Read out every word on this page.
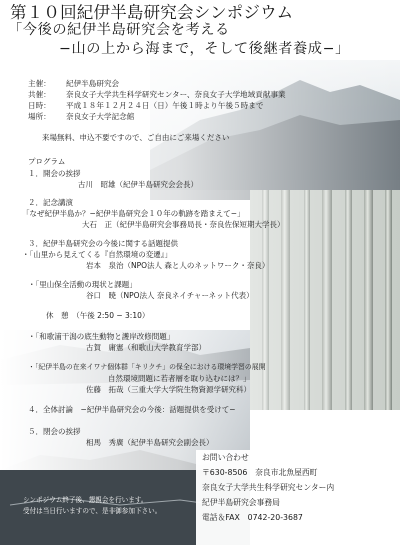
第１０回紀伊半島研究会シンポジウム
「今後の紀伊半島研究会を考える
−山の上から海まで，そして後継者養成−」
主催： 紀伊半島研究会
共催： 奈良女子大学共生科学研究センター、奈良女子大学地域貢献事業
日時： 平成１８年１２月２４日（日）午後１時より午後５時まで
場所： 奈良女子大学記念館
来場無料、申込不要ですので、ご自由にご来場ください
プログラム
１．開会の挨拶
古川　昭雄（紀伊半島研究会会長）
２．記念講演
「なぜ紀伊半島か？−紀伊半島研究会１０年の軌跡を踏まえて−」
大石　正（紀伊半島研究会事務局長・奈良佐保短期大学長）
３．紀伊半島研究会の今後に関する話題提供
・「山里から見えてくる『自然環境の変遷』」
岩本　泉治（NPO法人 森と人のネットワーク・奈良）
・「里山保全活動の現状と課題」
谷口　暁（NPO法人 奈良ネイチャーネット代表）
休　憩　（午後 2:50 − 3:10）
・「和歌浦干潟の底生動物と護岸改修問題」
古賀　庸憲（和歌山大学教育学部）
・「紀伊半島の在来イワナ個体群「キリクチ」の保全における環境学習の展開
自然環境問題に若者層を取り込むには？」
佐藤　拓哉（三重大学大学院生物資源学研究科）
４．全体討論　−紀伊半島研究会の今後：話題提供を受けて−
５．閉会の挨拶
相馬　秀廣（紀伊半島研究会副会長）
シンポジウム終了後、懇親会を行います。
受付は当日行いますので、是非御参加下さい。
お問い合わせ
〒630-8506　奈良市北魚屋西町
奈良女子大学共生科学研究センター内
紀伊半島研究会事務局
電話＆FAX　0742-20-3687
